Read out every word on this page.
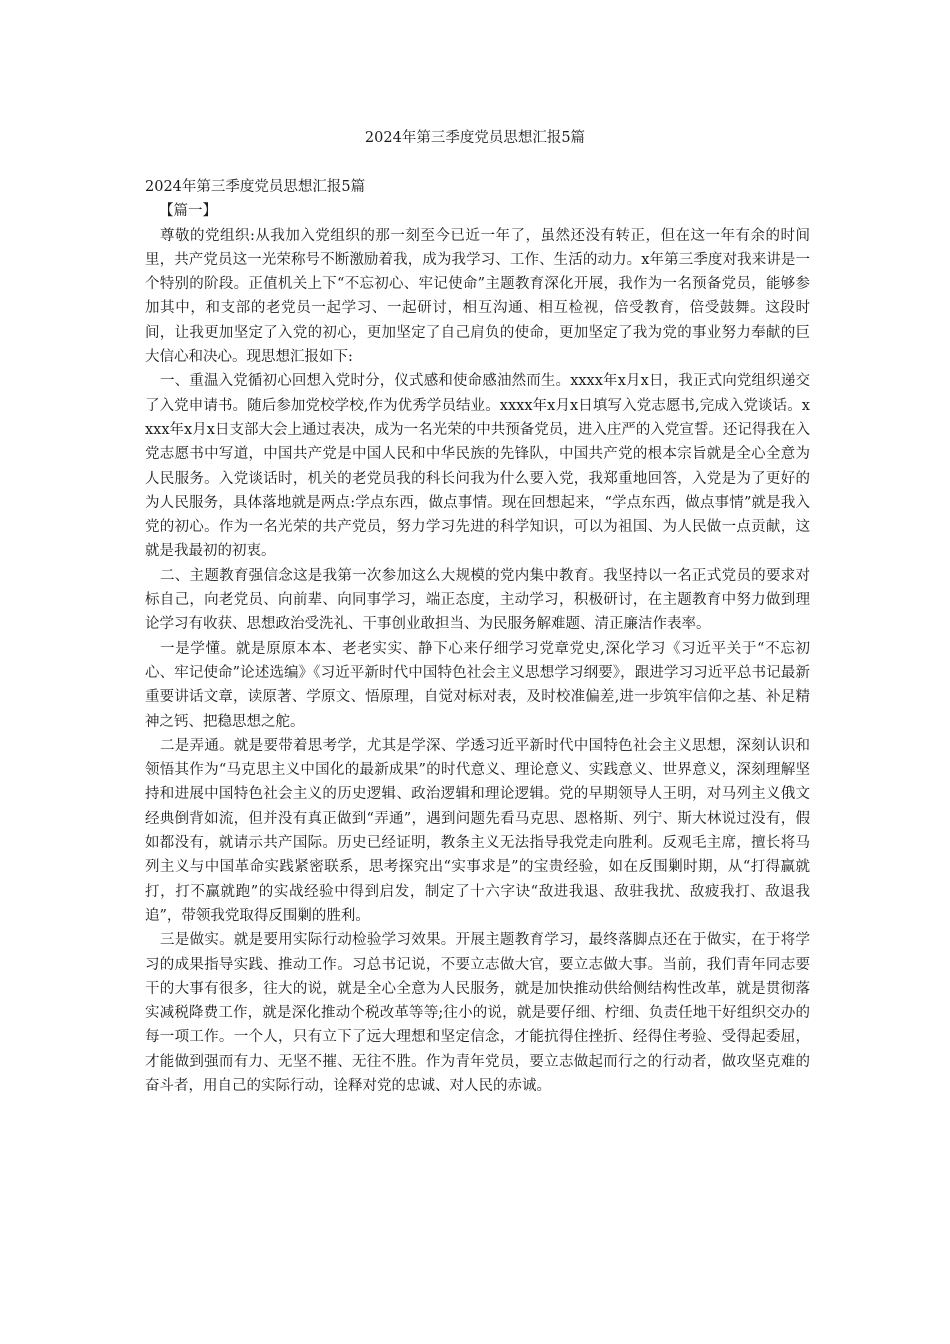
2024年第三季度党员思想汇报5篇

2024年第三季度党员思想汇报5篇

【篇一】

尊敬的党组织:从我加入党组织的那一刻至今已近一年了，虽然还没有转正，但在这一年有余的时间里，共产党员这一光荣称号不断激励着我，成为我学习、工作、生活的动力。x年第三季度对我来讲是一个特别的阶段。正值机关上下“不忘初心、牢记使命”主题教育深化开展，我作为一名预备党员，能够参加其中，和支部的老党员一起学习、一起研讨，相互沟通、相互检视，倍受教育，倍受鼓舞。这段时间，让我更加坚定了入党的初心，更加坚定了自己肩负的使命，更加坚定了我为党的事业努力奉献的巨大信心和决心。现思想汇报如下:

一、重温入党循初心回想入党时分，仪式感和使命感油然而生。xxxx年x月x日，我正式向党组织递交了入党申请书。随后参加党校学校,作为优秀学员结业。xxxx年x月x日填写入党志愿书,完成入党谈话。xxxx年x月x日支部大会上通过表决，成为一名光荣的中共预备党员，进入庄严的入党宣誓。还记得我在入党志愿书中写道，中国共产党是中国人民和中华民族的先锋队，中国共产党的根本宗旨就是全心全意为人民服务。入党谈话时，机关的老党员我的科长问我为什么要入党，我郑重地回答，入党是为了更好的为人民服务，具体落地就是两点:学点东西，做点事情。现在回想起来，“学点东西，做点事情”就是我入党的初心。作为一名光荣的共产党员，努力学习先进的科学知识，可以为祖国、为人民做一点贡献，这就是我最初的初衷。

二、主题教育强信念这是我第一次参加这么大规模的党内集中教育。我坚持以一名正式党员的要求对标自己，向老党员、向前辈、向同事学习，端正态度，主动学习，积极研讨，在主题教育中努力做到理论学习有收获、思想政治受洗礼、干事创业敢担当、为民服务解难题、清正廉洁作表率。

一是学懂。就是原原本本、老老实实、静下心来仔细学习党章党史,深化学习《习近平关于“不忘初心、牢记使命”论述选编》《习近平新时代中国特色社会主义思想学习纲要》，跟进学习习近平总书记最新重要讲话文章，读原著、学原文、悟原理，自觉对标对表，及时校准偏差,进一步筑牢信仰之基、补足精神之钙、把稳思想之舵。

二是弄通。就是要带着思考学，尤其是学深、学透习近平新时代中国特色社会主义思想，深刻认识和领悟其作为“马克思主义中国化的最新成果”的时代意义、理论意义、实践意义、世界意义，深刻理解坚持和进展中国特色社会主义的历史逻辑、政治逻辑和理论逻辑。党的早期领导人王明，对马列主义俄文经典倒背如流，但并没有真正做到“弄通”，遇到问题先看马克思、恩格斯、列宁、斯大林说过没有，假如都没有，就请示共产国际。历史已经证明，教条主义无法指导我党走向胜利。反观毛主席，擅长将马列主义与中国革命实践紧密联系，思考探究出“实事求是”的宝贵经验，如在反围剿时期，从“打得赢就打，打不赢就跑”的实战经验中得到启发，制定了十六字诀“敌进我退、敌驻我扰、敌疲我打、敌退我追”，带领我党取得反围剿的胜利。

三是做实。就是要用实际行动检验学习效果。开展主题教育学习，最终落脚点还在于做实，在于将学习的成果指导实践、推动工作。习总书记说，不要立志做大官，要立志做大事。当前，我们青年同志要干的大事有很多，往大的说，就是全心全意为人民服务，就是加快推动供给侧结构性改革，就是贯彻落实减税降费工作，就是深化推动个税改革等等;往小的说，就是要仔细、柠细、负责任地干好组织交办的每一项工作。一个人，只有立下了远大理想和坚定信念，才能抗得住挫折、经得住考验、受得起委屈，才能做到强而有力、无坚不摧、无往不胜。作为青年党员，要立志做起而行之的行动者，做攻坚克难的奋斗者，用自己的实际行动，诠释对党的忠诚、对人民的赤诚。
